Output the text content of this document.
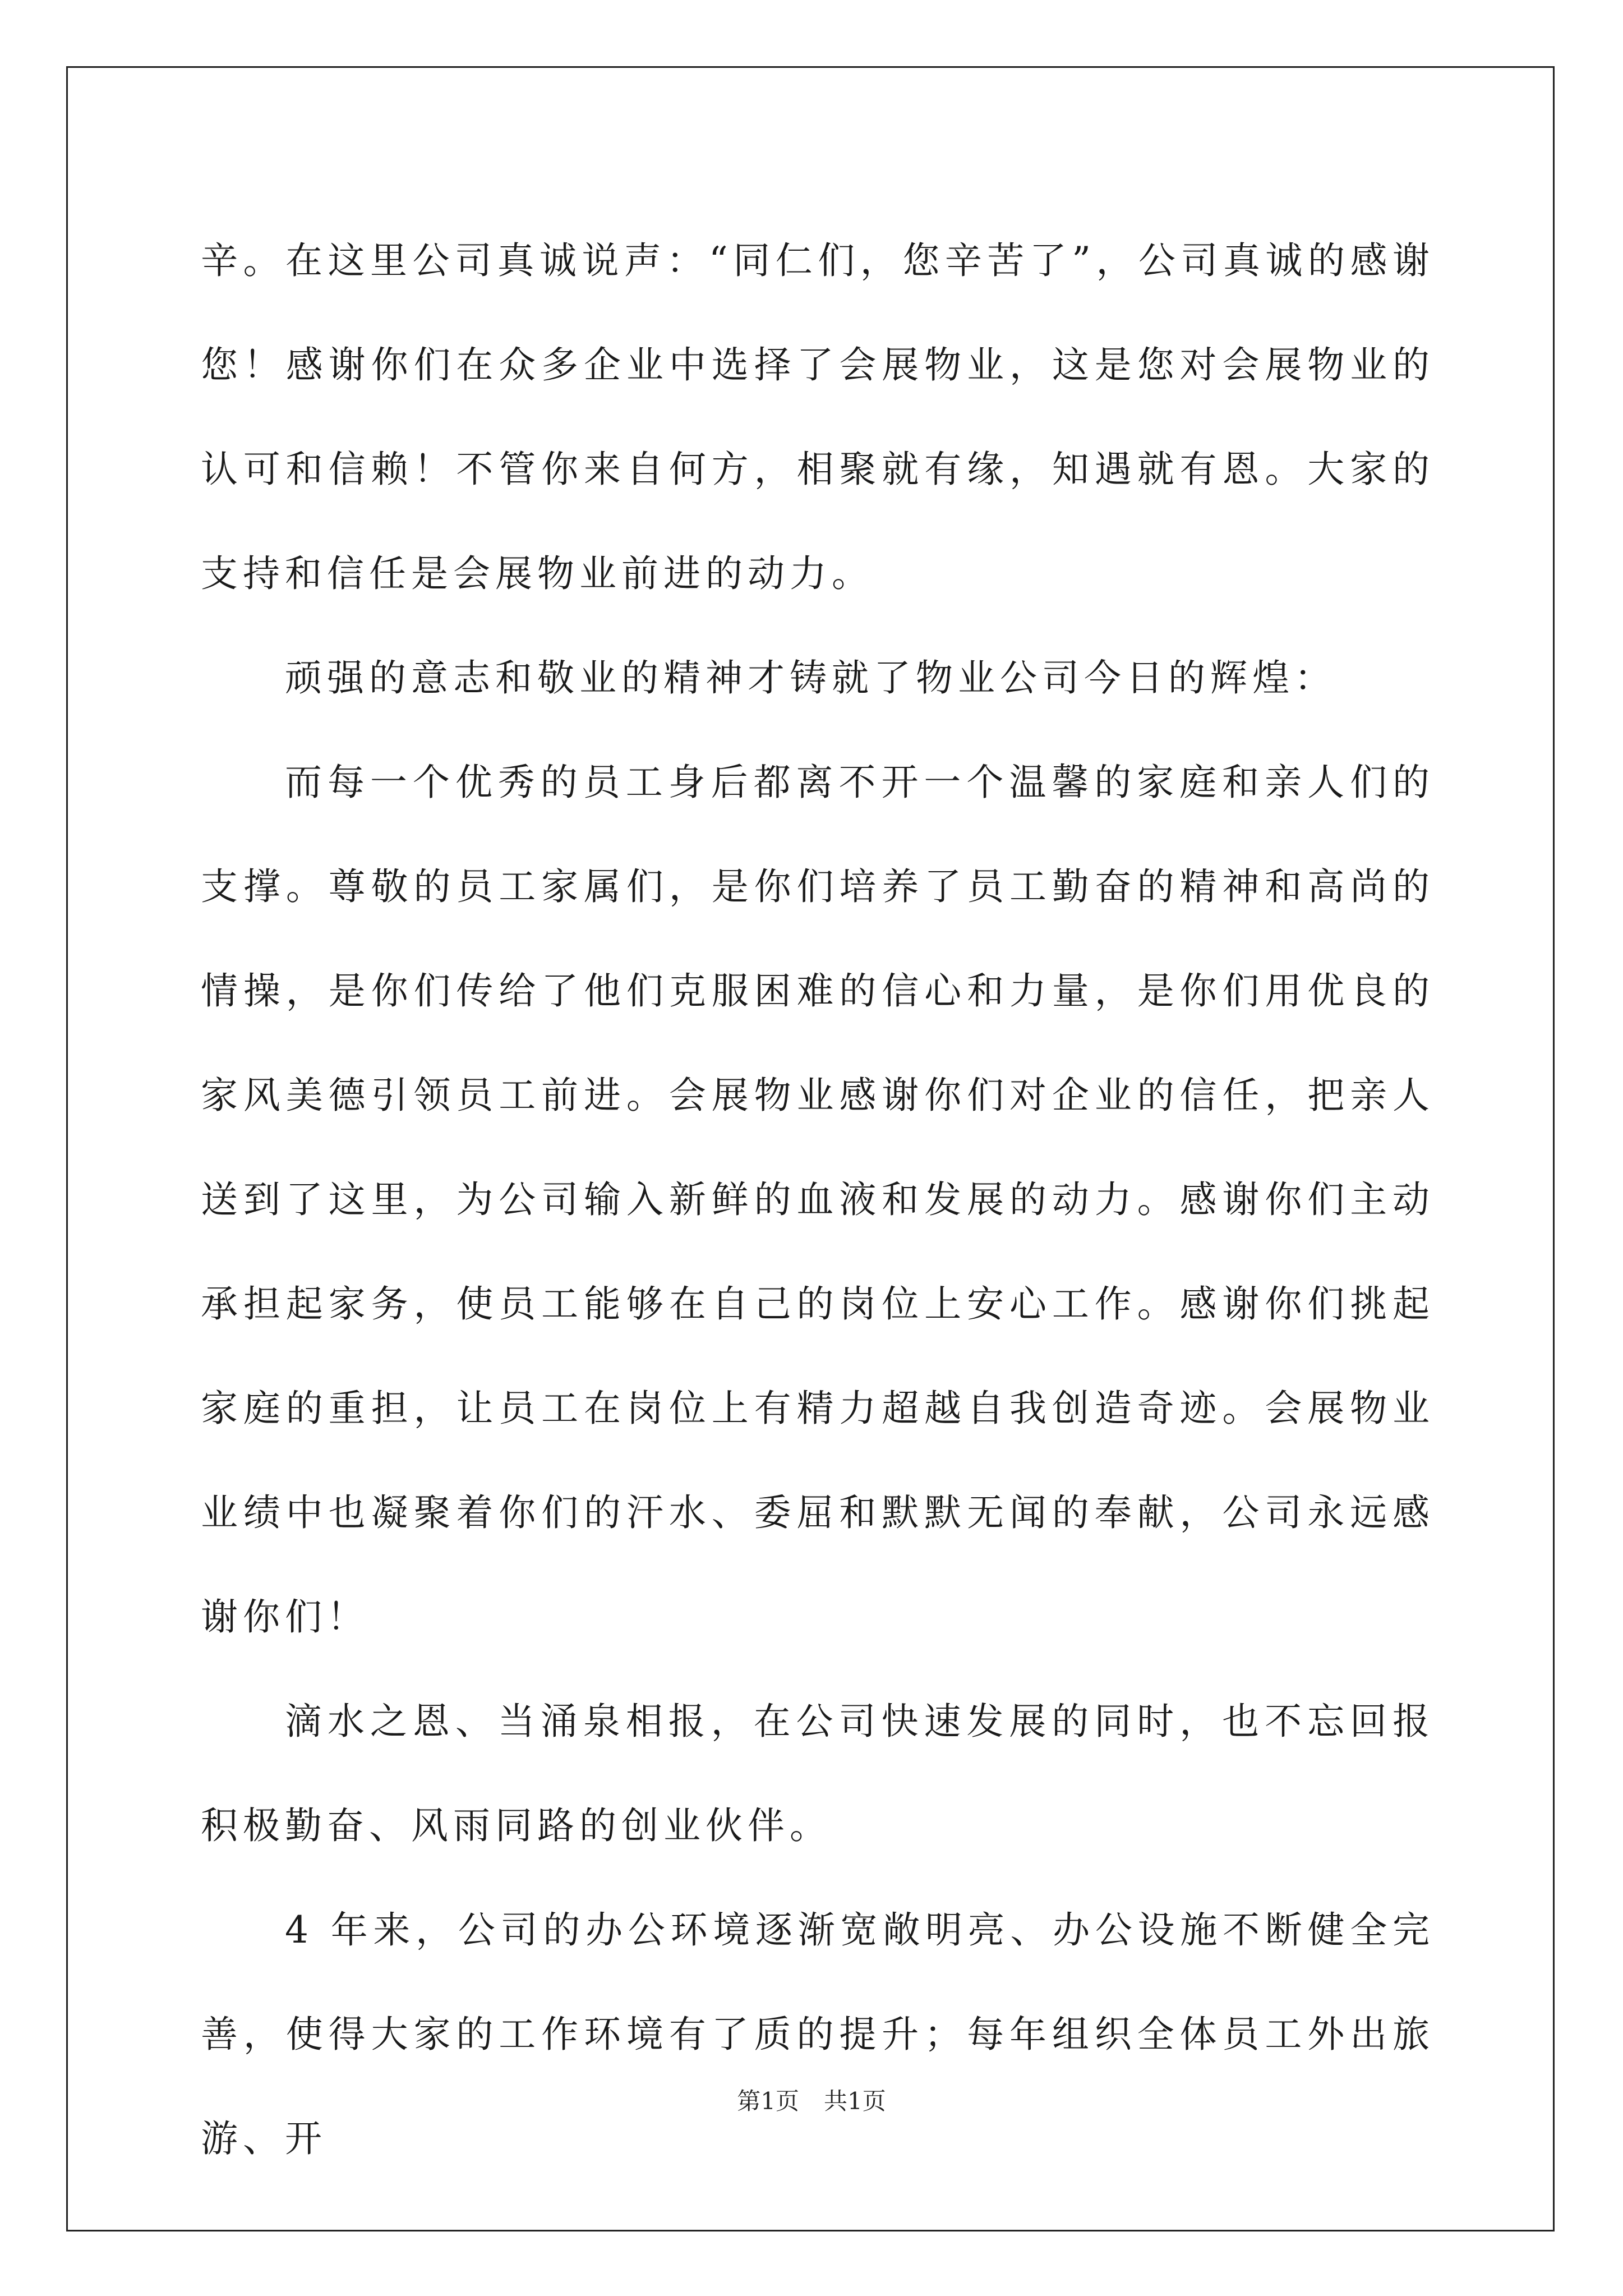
辛。在这里公司真诚说声：“同仁们，您辛苦了”，公司真诚的感谢您！感谢你们在众多企业中选择了会展物业，这是您对会展物业的认可和信赖！不管你来自何方，相聚就有缘，知遇就有恩。大家的支持和信任是会展物业前进的动力。

顽强的意志和敬业的精神才铸就了物业公司今日的辉煌：

而每一个优秀的员工身后都离不开一个温馨的家庭和亲人们的支撑。尊敬的员工家属们，是你们培养了员工勤奋的精神和高尚的情操，是你们传给了他们克服困难的信心和力量，是你们用优良的家风美德引领员工前进。会展物业感谢你们对企业的信任，把亲人送到了这里，为公司输入新鲜的血液和发展的动力。感谢你们主动承担起家务，使员工能够在自己的岗位上安心工作。感谢你们挑起家庭的重担，让员工在岗位上有精力超越自我创造奇迹。会展物业业绩中也凝聚着你们的汗水、委屈和默默无闻的奉献，公司永远感谢你们！

滴水之恩、当涌泉相报，在公司快速发展的同时，也不忘回报积极勤奋、风雨同路的创业伙伴。

4 年来，公司的办公环境逐渐宽敞明亮、办公设施不断健全完善，使得大家的工作环境有了质的提升；每年组织全体员工外出旅游、开

第1页 共1页
